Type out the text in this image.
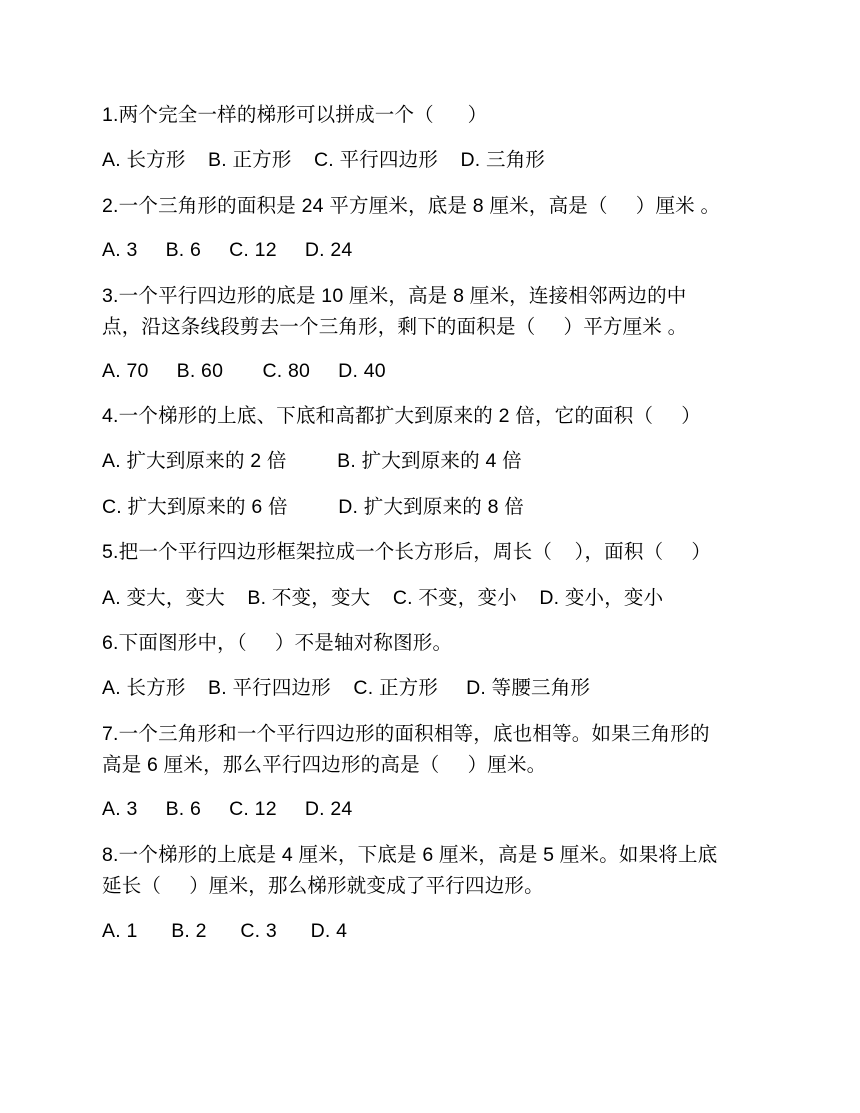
1.两个完全一样的梯形可以拼成一个（      ）
A. 长方形    B. 正方形    C. 平行四边形    D. 三角形
2.一个三角形的面积是 24 平方厘米，底是 8 厘米，高是（     ）厘米 。
A. 3     B. 6     C. 12     D. 24
3.一个平行四边形的底是 10 厘米，高是 8 厘米，连接相邻两边的中
点，沿这条线段剪去一个三角形，剩下的面积是（     ）平方厘米 。
A. 70     B. 60       C. 80     D. 40
4.一个梯形的上底、下底和高都扩大到原来的 2 倍，它的面积（     ）
A. 扩大到原来的 2 倍         B. 扩大到原来的 4 倍
C. 扩大到原来的 6 倍         D. 扩大到原来的 8 倍
5.把一个平行四边形框架拉成一个长方形后，周长（    ），面积（     ）
A. 变大，变大    B. 不变，变大    C. 不变，变小    D. 变小，变小
6.下面图形中，（     ）不是轴对称图形。
A. 长方形    B. 平行四边形    C. 正方形     D. 等腰三角形
7.一个三角形和一个平行四边形的面积相等，底也相等。如果三角形的
高是 6 厘米，那么平行四边形的高是（     ）厘米。
A. 3     B. 6     C. 12     D. 24
8.一个梯形的上底是 4 厘米，下底是 6 厘米，高是 5 厘米。如果将上底
延长（     ）厘米，那么梯形就变成了平行四边形。
A. 1      B. 2      C. 3      D. 4
